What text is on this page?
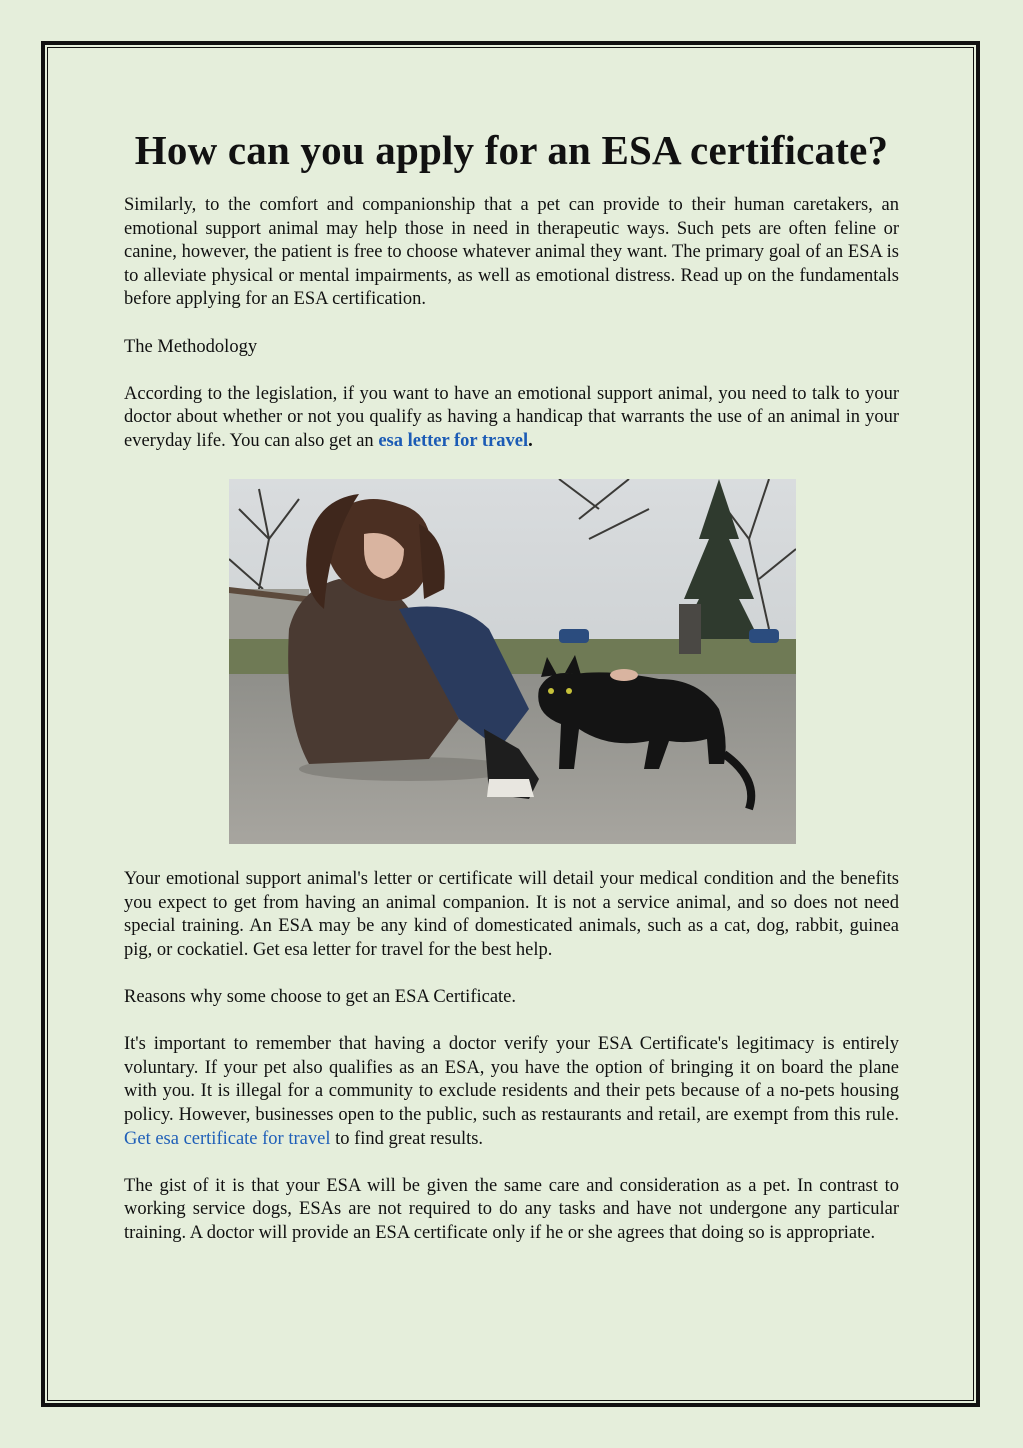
How can you apply for an ESA certificate?

Similarly, to the comfort and companionship that a pet can provide to their human caretakers, an emotional support animal may help those in need in therapeutic ways. Such pets are often feline or canine, however, the patient is free to choose whatever animal they want. The primary goal of an ESA is to alleviate physical or mental impairments, as well as emotional distress. Read up on the fundamentals before applying for an ESA certification.

The Methodology

According to the legislation, if you want to have an emotional support animal, you need to talk to your doctor about whether or not you qualify as having a handicap that warrants the use of an animal in your everyday life. You can also get an esa letter for travel.

Your emotional support animal's letter or certificate will detail your medical condition and the benefits you expect to get from having an animal companion. It is not a service animal, and so does not need special training. An ESA may be any kind of domesticated animals, such as a cat, dog, rabbit, guinea pig, or cockatiel. Get esa letter for travel for the best help.

Reasons why some choose to get an ESA Certificate.

It's important to remember that having a doctor verify your ESA Certificate's legitimacy is entirely voluntary. If your pet also qualifies as an ESA, you have the option of bringing it on board the plane with you. It is illegal for a community to exclude residents and their pets because of a no-pets housing policy. However, businesses open to the public, such as restaurants and retail, are exempt from this rule. Get esa certificate for travel to find great results.

The gist of it is that your ESA will be given the same care and consideration as a pet. In contrast to working service dogs, ESAs are not required to do any tasks and have not undergone any particular training. A doctor will provide an ESA certificate only if he or she agrees that doing so is appropriate.
